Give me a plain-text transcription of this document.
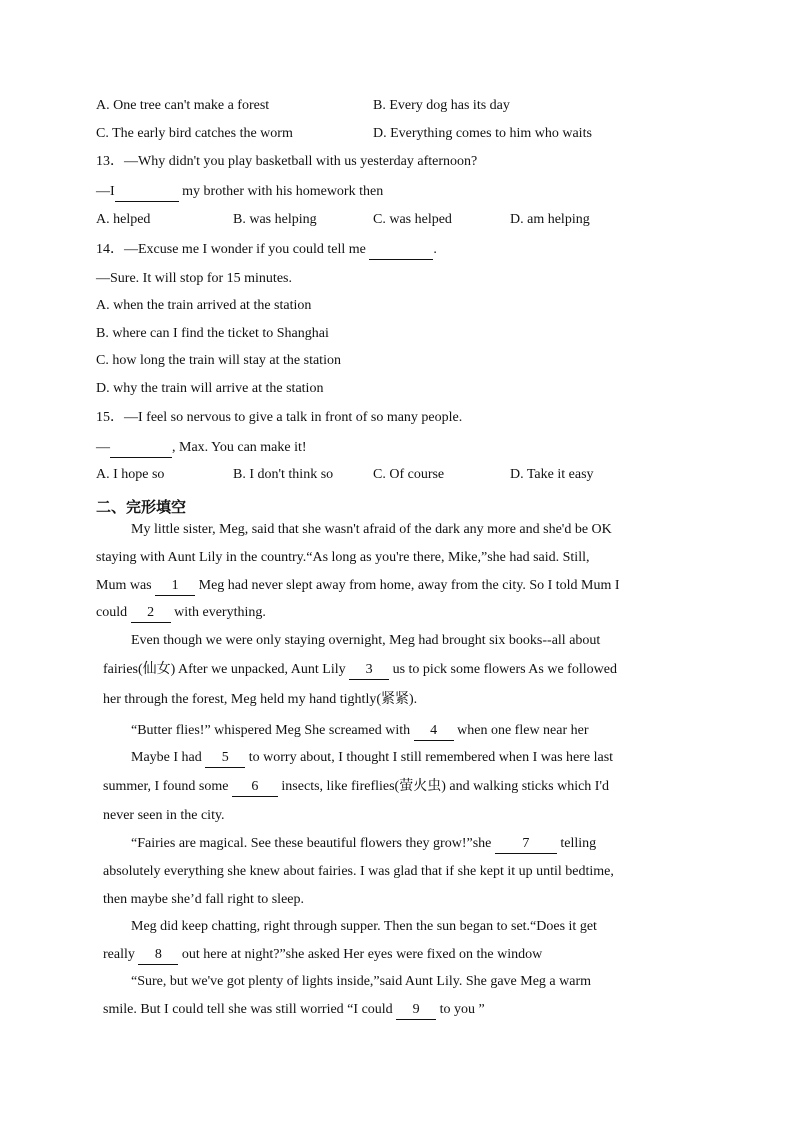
A. One tree can't make a forest	B. Every dog has its day
C. The early bird catches the worm	D. Everything comes to him who waits
13．—Why didn't you play basketball with us yesterday afternoon?
—I	my brother with his homework then
A. helped	B. was helping	C. was helped	D. am helping
14．—Excuse me I wonder if you could tell me	.
—Sure. It will stop for 15 minutes.
A. when the train arrived at the station
B. where can I find the ticket to Shanghai
C. how long the train will stay at the station
D. why the train will arrive at the station
15．—I feel so nervous to give a talk in front of so many people.
—	, Max. You can make it!
A. I hope so	B. I don't think so	C. Of course	D. Take it easy
二、完形填空
My little sister, Meg, said that she wasn't afraid of the dark any more and she'd be OK
staying with Aunt Lily in the country.“As long as you're there, Mike,”she had said. Still,
Mum was 1 Meg had never slept away from home, away from the city. So I told Mum I
could 2 with everything.
Even though we were only staying overnight, Meg had brought six books--all about
fairies(仙女) After we unpacked, Aunt Lily 3 us to pick some flowers As we followed
her through the forest, Meg held my hand tightly(紧紧).
“Butter flies!” whispered Meg She screamed with 4 when one flew near her
Maybe I had 5 to worry about, I thought I still remembered when I was here last
summer, I found some 6 insects, like fireflies(萤火虫) and walking sticks which I'd
never seen in the city.
“Fairies are magical. See these beautiful flowers they grow!”she 7 telling
absolutely everything she knew about fairies. I was glad that if she kept it up until bedtime,
then maybe she’d fall right to sleep.
Meg did keep chatting, right through supper. Then the sun began to set.“Does it get
really 8 out here at night?”she asked Her eyes were fixed on the window
“Sure, but we've got plenty of lights inside,”said Aunt Lily. She gave Meg a warm
smile. But I could tell she was still worried “I could 9 to you ”
